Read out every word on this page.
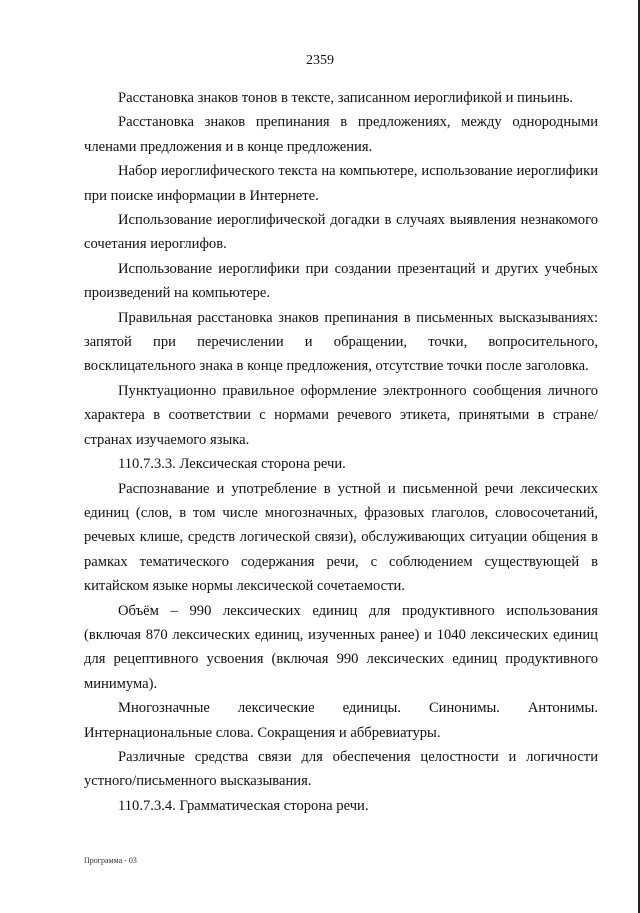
2359

Расстановка знаков тонов в тексте, записанном иероглификой и пиньинь.

Расстановка знаков препинания в предложениях, между однородными членами предложения и в конце предложения.

Набор иероглифического текста на компьютере, использование иероглифики при поиске информации в Интернете.

Использование иероглифической догадки в случаях выявления незнакомого сочетания иероглифов.

Использование иероглифики при создании презентаций и других учебных произведений на компьютере.

Правильная расстановка знаков препинания в письменных высказываниях: запятой при перечислении и обращении, точки, вопросительного, восклицательного знака в конце предложения, отсутствие точки после заголовка.

Пунктуационно правильное оформление электронного сообщения личного характера в соответствии с нормами речевого этикета, принятыми в стране/странах изучаемого языка.

110.7.3.3. Лексическая сторона речи.

Распознавание и употребление в устной и письменной речи лексических единиц (слов, в том числе многозначных, фразовых глаголов, словосочетаний, речевых клише, средств логической связи), обслуживающих ситуации общения в рамках тематического содержания речи, с соблюдением существующей в китайском языке нормы лексической сочетаемости.

Объём – 990 лексических единиц для продуктивного использования (включая 870 лексических единиц, изученных ранее) и 1040 лексических единиц для рецептивного усвоения (включая 990 лексических единиц продуктивного минимума).

Многозначные лексические единицы. Синонимы. Антонимы. Интернациональные слова. Сокращения и аббревиатуры.

Различные средства связи для обеспечения целостности и логичности устного/письменного высказывания.

110.7.3.4. Грамматическая сторона речи.

Программа - 03
